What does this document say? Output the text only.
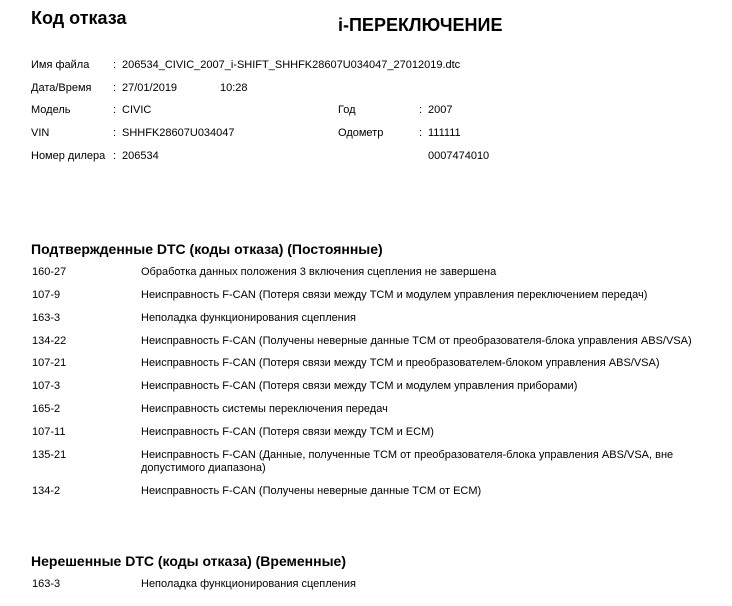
Код отказа	i-ПЕРЕКЛЮЧЕНИЕ
Имя файла : 206534_CIVIC_2007_i-SHIFT_SHHFK28607U034047_27012019.dtc
Дата/Время : 27/01/2019	10:28
Модель	: CIVIC	Год	: 2007
VIN	: SHHFK28607U034047	Одометр	: 111111
Номер дилера : 206534	0007474010
Подтвержденные DTC (коды отказа) (Постоянные)
160-27	Обработка данных положения 3 включения сцепления не завершена
107-9	Неисправность F-CAN (Потеря связи между TCM и модулем управления переключением передач)
163-3	Неполадка функционирования сцепления
134-22	Неисправность F-CAN (Получены неверные данные TCM от преобразователя-блока управления ABS/VSA)
107-21	Неисправность F-CAN (Потеря связи между TCM и преобразователем-блоком управления ABS/VSA)
107-3	Неисправность F-CAN (Потеря связи между TCM и модулем управления приборами)
165-2	Неисправность системы переключения передач
107-11	Неисправность F-CAN (Потеря связи между TCM и ECM)
135-21	Неисправность F-CAN (Данные, полученные TCM от преобразователя-блока управления ABS/VSA, вне допустимого диапазона)
134-2	Неисправность F-CAN (Получены неверные данные TCM от ECM)
Нерешенные DTC (коды отказа) (Временные)
163-3	Неполадка функционирования сцепления
